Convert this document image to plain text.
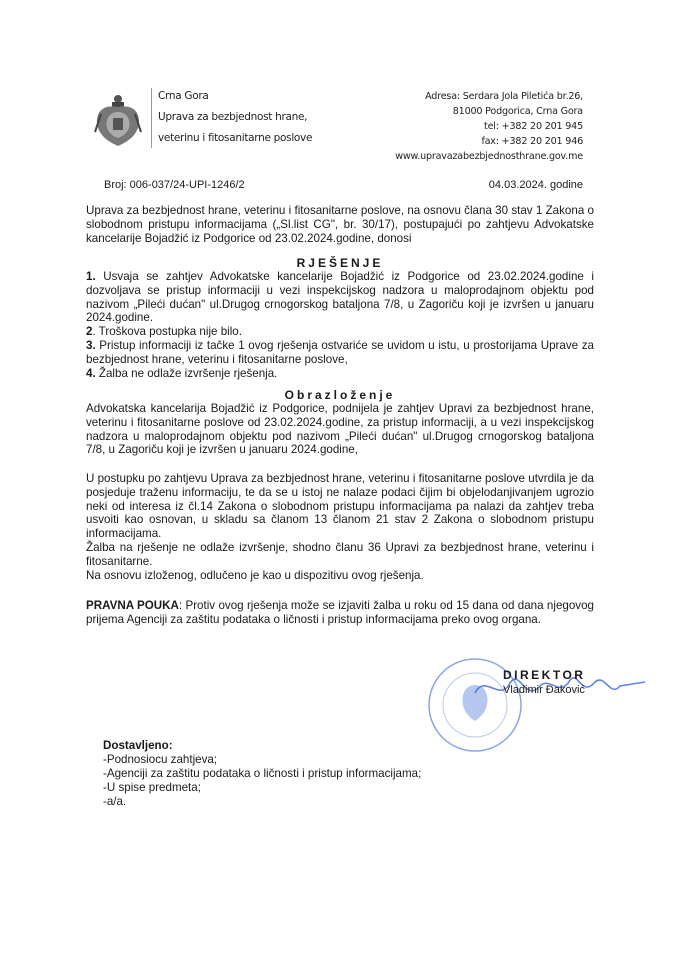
Crna Gora
Uprava za bezbjednost hrane,
veterinu i fitosanitarne poslove
Adresa: Serdara Jola Piletića br.26,
81000 Podgorica, Crna Gora
tel: +382 20 201 945
fax: +382 20 201 946
www.upravazabezbjednosthrane.gov.me
Broj: 006-037/24-UPI-1246/2	04.03.2024. godine
Uprava za bezbjednost hrane, veterinu i fitosanitarne poslove, na osnovu člana 30 stav 1 Zakona o slobodnom pristupu informacijama („Sl.list CG", br. 30/17), postupajući po zahtjevu Advokatske kancelarije Bojadžić iz Podgorice od 23.02.2024.godine, donosi
RJEŠENJE
1. Usvaja se zahtjev Advokatske kancelarije Bojadžić iz Podgorice od 23.02.2024.godine i dozvoljava se pristup informaciji u vezi inspekcijskog nadzora u maloprodajnom objektu pod nazivom „Pileći dućan" ul.Drugog crnogorskog bataljona 7/8, u Zagoriču koji je izvršen u januaru 2024.godine.
2. Troškova postupka nije bilo.
3. Pristup informaciji iz tačke 1 ovog rješenja ostvariće se uvidom u istu, u prostorijama Uprave za bezbjednost hrane, veterinu i fitosanitarne poslove,
4. Žalba ne odlaže izvršenje rješenja.
Obrazloženje
Advokatska kancelarija Bojadžić iz Podgorice, podnijela je zahtjev Upravi za bezbjednost hrane, veterinu i fitosanitarne poslove od 23.02.2024.godine, za pristup informaciji, a u vezi inspekcijskog nadzora u maloprodajnom objektu pod nazivom „Pileći dućan" ul.Drugog crnogorskog bataljona 7/8, u Zagoriču koji je izvršen u januaru 2024.godine,
U postupku po zahtjevu Uprava za bezbjednost hrane, veterinu i fitosanitarne poslove utvrdila je da posjeduje traženu informaciju, te da se u istoj ne nalaze podaci čijim bi objelodanjivanjem ugrozio neki od interesa iz čl.14 Zakona o slobodnom pristupu informacijama pa nalazi da zahtjev treba usvoiti kao osnovan, u skladu sa članom 13 članom 21 stav 2 Zakona o slobodnom pristupu informacijama.
Žalba na rješenje ne odlaže izvršenje, shodno članu 36 Upravi za bezbjednost hrane, veterinu i fitosanitarne.
Na osnovu izloženog, odlučeno je kao u dispozitivu ovog rješenja.
PRAVNA POUKA: Protiv ovog rješenja može se izjaviti žalba u roku od 15 dana od dana njegovog prijema Agenciji za zaštitu podataka o ličnosti i pristup informacijama preko ovog organa.
DIREKTOR
Vladimir Đaković
Dostavljeno:
-Podnosiocu zahtjeva;
-Agenciji za zaštitu podataka o ličnosti i pristup informacijama;
-U spise predmeta;
-a/a.
